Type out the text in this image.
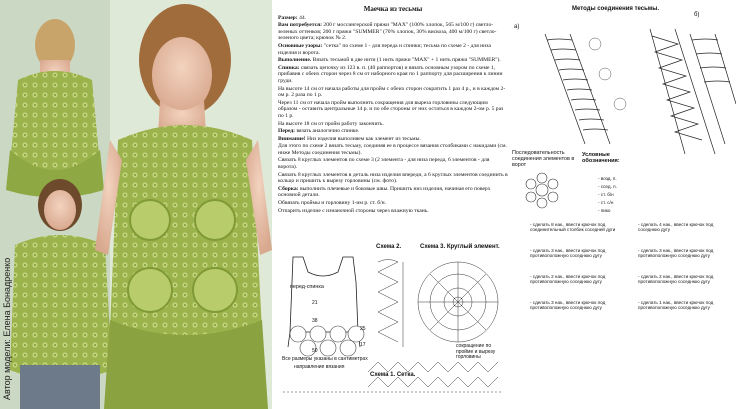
Автор модели: Елена Бонадренко
Маечка из тесьмы

Размер: 44.

Вам потребуется: 200 г моссингерской пряжи "МАХ" (100% хлопок, 565 м/100 г) светло-зеленых оттенков; 200 г пряжи "SUMMER" (70% хлопок, 30% вискоза, 400 м/100 г) светло-зеленого цвета; крючок № 2.

Основные узоры: "сетка" по схеме 1 - для переда и спинки; тесьма по схеме 2 - для низа изделия и ворота.

Выполнение. Вязать тесьмой в две нити (1 нить пряжи "МАХ" + 1 нить пряжи "SUMMER").

Спинка: связать цепочку из 123 в. п. (40 раппортов) и вязать основным узором по схеме 1, прибавив с обеих сторон через 8 см от наборного края по 1 раппорту для расширения к линии груди.

На высоте 14 см от начала работы для пройм с обеих сторон сократить 1 раз 4 р., и в каждом 2-ом р. 2 раза по 1 р.

Через 11 см от начала пройм выполнить сокращения для выреза горловины следующим образом - оставить центральные 14 р. и по обе стороны от них остаться в каждом 2-ом р. 5 раз по 1 р.

На высоте 18 см от пройм работу закончить.

Перед: вязать аналогично спинке.

Внимание! Низ изделия выполняем как элемент из тесьмы.

Для этого по схеме 2 вязать тесьму, соединяя ее в процессе вязания столбиками с накидами (см. ниже Методы соединения тесьмы).

Связать 8 круглых элементов по схеме 3 (2 элемента - для низа переда, 6 элементов - для ворота).

Связать 8 круглых элементов в деталь низа изделия впереди, а 6 круглых элементов соединить в кольцо и пришить к вырезу горловины (см. фото).

Сборка: выполнить плечевые и боковые швы. Пришить низ изделия, начиная его поверх основной детали.

Обвязать проймы и горловину 1-им р. ст. б/н.

Отпарить изделие с изнаночной стороны через влажную ткань.

Методы соединения тесьмы.
а)
б)
Последовательность соединения элементов в ворот
Условные обозначения:
- возд. п.
- ссед. п.
- ст. б/н
- ст. с/н
- пико
- сделать 8 нак., ввести крючок под соединительный столбик соседней дуги
- сделать 3 нак., ввести крючок под противоположную соседнюю дугу
- сделать 2 нак., ввести крючок под противоположную соседнюю дугу
- сделать 3 нак., ввести крючок под противоположную соседнюю дугу
- сделать 4 нак., ввести крючок под соседнюю дугу
- сделать 3 нак., ввести крючок под противоположную соседнюю дугу
- сделать 2 нак., ввести крючок под противоположную соседнюю дугу
- сделать 1 нак., ввести крючок под противоположную соседнюю дугу
Схема 2.	Схема 3. Круглый элемент.
Схема 1. Сетка.
перед-спинка
21
38
25
17
50
Все размеры указаны в сантиметрах
направление вязания
сокращение по пройме и вырезу горловины
